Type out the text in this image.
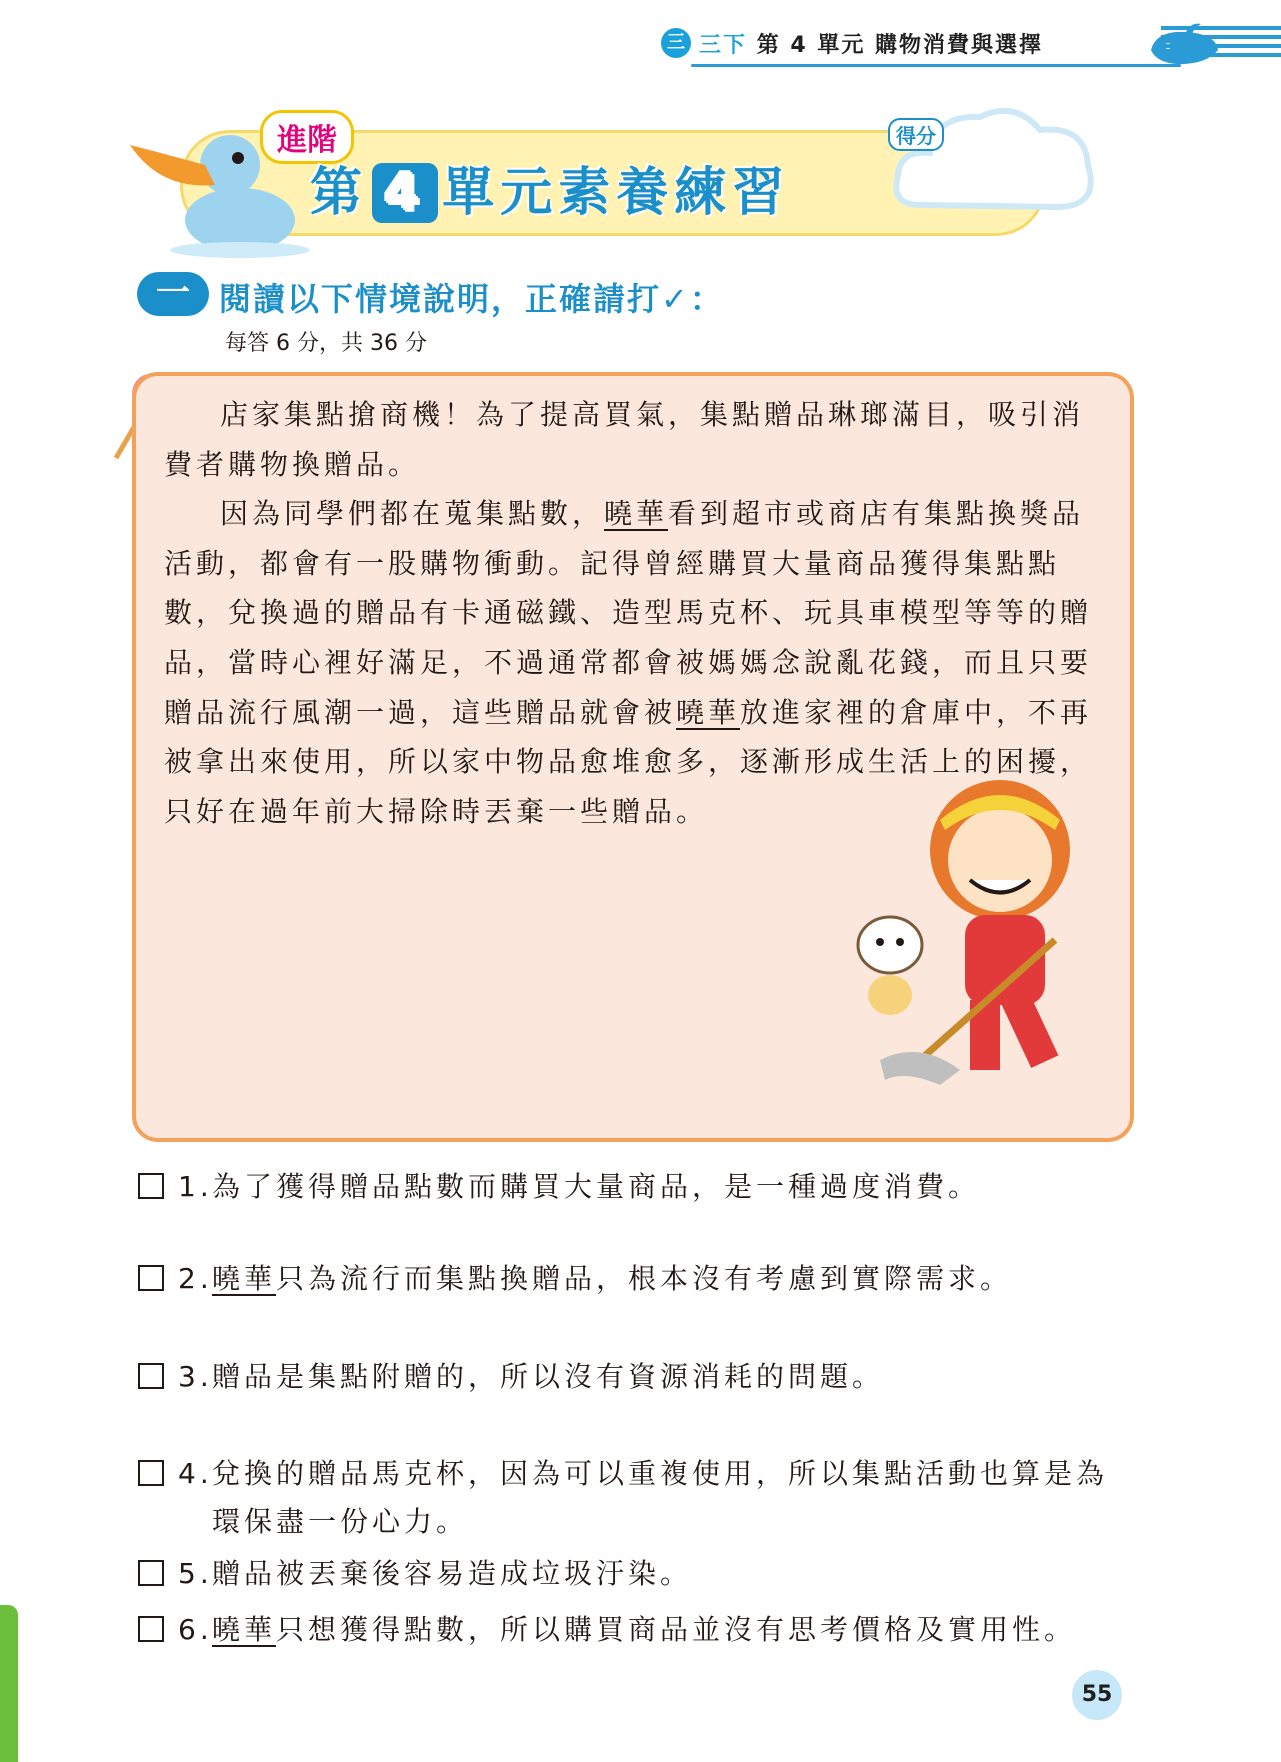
三 三下 第 4 單元 購物消費與選擇
進階
第 4 單元素養練習
得分
一 閱讀以下情境說明，正確請打✓：
每答 6 分，共 36 分

店家集點搶商機！為了提高買氣，集點贈品琳瑯滿目，吸引消費者購物換贈品。

因為同學們都在蒐集點數，曉華看到超市或商店有集點換獎品活動，都會有一股購物衝動。記得曾經購買大量商品獲得集點點數，兌換過的贈品有卡通磁鐵、造型馬克杯、玩具車模型等等的贈品，當時心裡好滿足，不過通常都會被媽媽念說亂花錢，而且只要贈品流行風潮一過，這些贈品就會被曉華放進家裡的倉庫中，不再被拿出來使用，所以家中物品愈堆愈多，逐漸形成生活上的困擾，只好在過年前大掃除時丟棄一些贈品。

1. 為了獲得贈品點數而購買大量商品，是一種過度消費。
2. 曉華只為流行而集點換贈品，根本沒有考慮到實際需求。
3. 贈品是集點附贈的，所以沒有資源消耗的問題。
4. 兌換的贈品馬克杯，因為可以重複使用，所以集點活動也算是為環保盡一份心力。
5. 贈品被丟棄後容易造成垃圾汙染。
6. 曉華只想獲得點數，所以購買商品並沒有思考價格及實用性。
55
